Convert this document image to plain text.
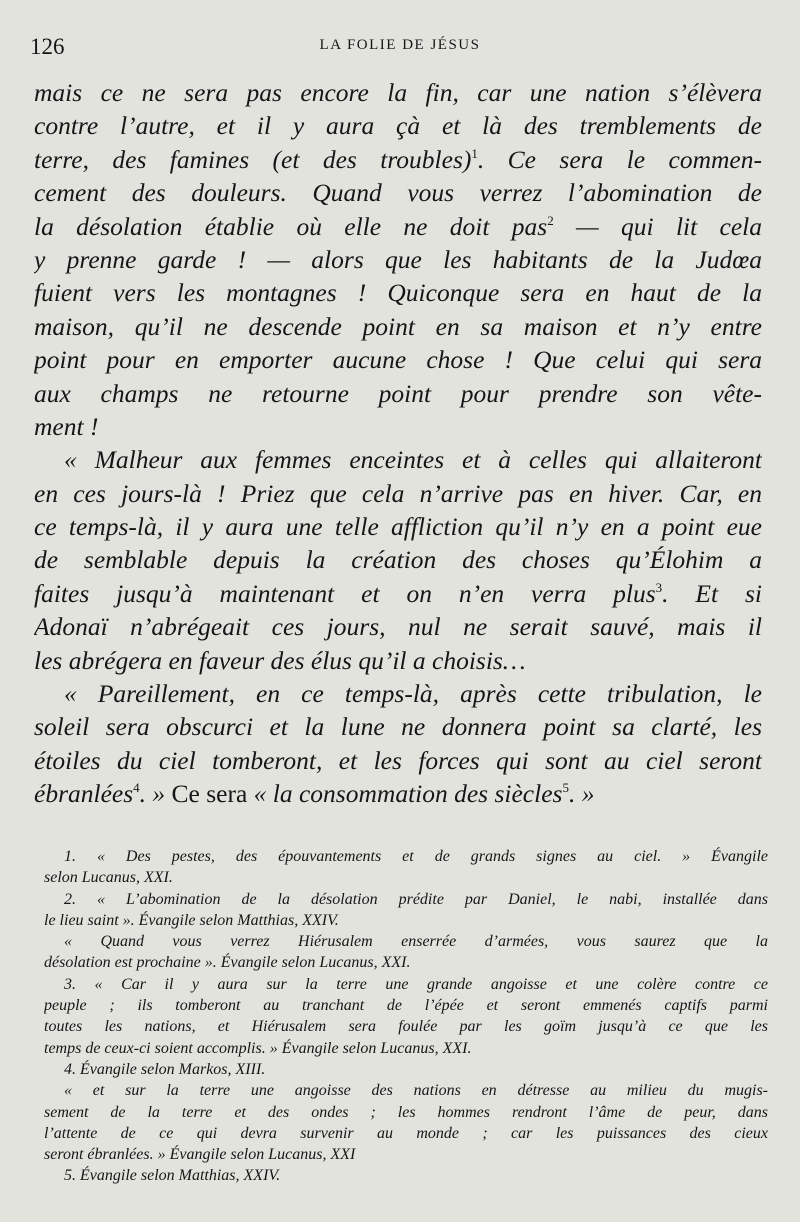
126	LA FOLIE DE JÉSUS
mais ce ne sera pas encore la fin, car une nation s’élèvera
contre l’autre, et il y aura çà et là des tremblements de
terre, des famines (et des troubles)$^1$. Ce sera le commen-
cement des douleurs. Quand vous verrez l’abomination de
la désolation établie où elle ne doit pas$^2$ — qui lit cela
y prenne garde ! — alors que les habitants de la Judœa
fuient vers les montagnes ! Quiconque sera en haut de la
maison, qu’il ne descende point en sa maison et n’y entre
point pour en emporter aucune chose ! Que celui qui sera
aux champs ne retourne point pour prendre son vête-
ment !
« Malheur aux femmes enceintes et à celles qui allaiteront
en ces jours-là ! Priez que cela n’arrive pas en hiver. Car, en
ce temps-là, il y aura une telle affliction qu’il n’y en a point eue
de semblable depuis la création des choses qu’Élohim a
faites jusqu’à maintenant et on n’en verra plus$^3$. Et si
Adonaï n’abrégeait ces jours, nul ne serait sauvé, mais il
les abrégera en faveur des élus qu’il a choisis…
« Pareillement, en ce temps-là, après cette tribulation, le
soleil sera obscurci et la lune ne donnera point sa clarté, les
étoiles du ciel tomberont, et les forces qui sont au ciel seront
ébranlées$^4$. » Ce sera « la consommation des siècles$^5$. »
1. « Des pestes, des épouvantements et de grands signes au ciel. » Évangile
selon Lucanus, XXI.
2. « L’abomination de la désolation prédite par Daniel, le nabi, installée dans
le lieu saint ». Évangile selon Matthias, XXIV.
« Quand vous verrez Hiérusalem enserrée d’armées, vous saurez que la
désolation est prochaine ». Évangile selon Lucanus, XXI.
3. « Car il y aura sur la terre une grande angoisse et une colère contre ce
peuple ; ils tomberont au tranchant de l’épée et seront emmenés captifs parmi
toutes les nations, et Hiérusalem sera foulée par les goïm jusqu’à ce que les
temps de ceux-ci soient accomplis. » Évangile selon Lucanus, XXI.
4. Évangile selon Markos, XIII.
« et sur la terre une angoisse des nations en détresse au milieu du mugis-
sement de la terre et des ondes ; les hommes rendront l’âme de peur, dans
l’attente de ce qui devra survenir au monde ; car les puissances des cieux
seront ébranlées. » Évangile selon Lucanus, XXI
5. Évangile selon Matthias, XXIV.
